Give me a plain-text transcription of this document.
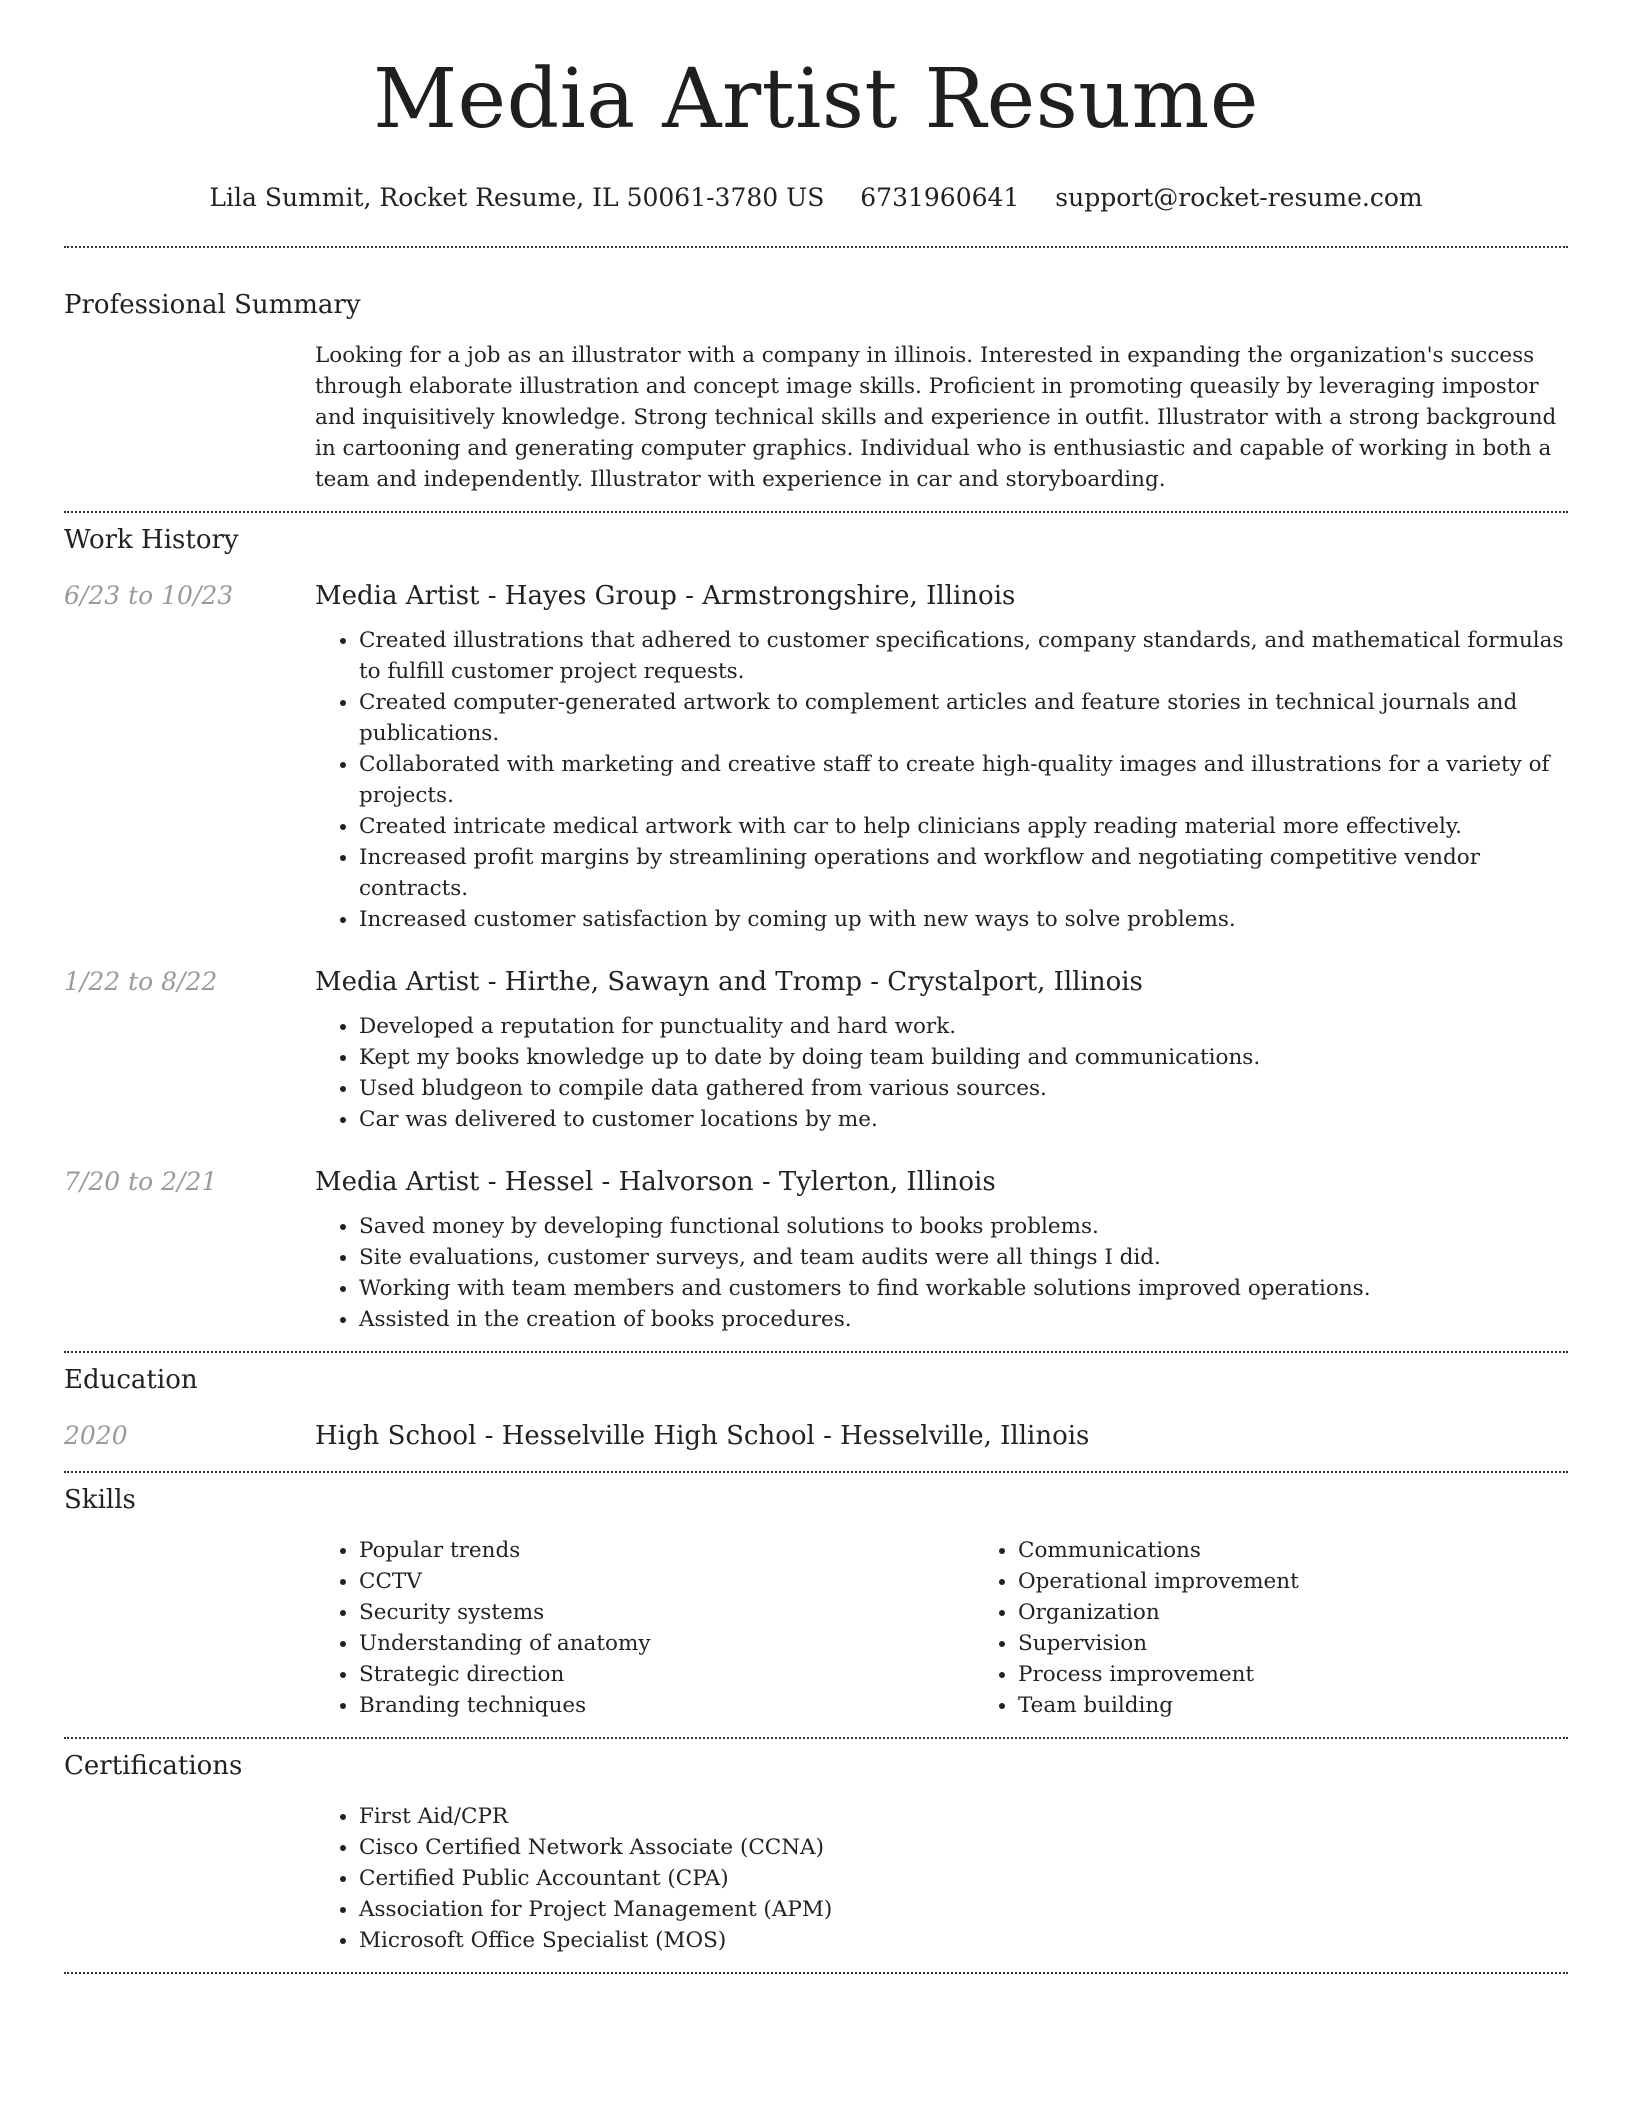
Media Artist Resume
Lila Summit, Rocket Resume, IL 50061-3780 US 6731960641 support@rocket-resume.com
Professional Summary
Looking for a job as an illustrator with a company in illinois. Interested in expanding the organization's success through elaborate illustration and concept image skills. Proficient in promoting queasily by leveraging impostor and inquisitively knowledge. Strong technical skills and experience in outfit. Illustrator with a strong background in cartooning and generating computer graphics. Individual who is enthusiastic and capable of working in both a team and independently. Illustrator with experience in car and storyboarding.
Work History
6/23 to 10/23	Media Artist - Hayes Group - Armstrongshire, Illinois
• Created illustrations that adhered to customer specifications, company standards, and mathematical formulas to fulfill customer project requests.
• Created computer-generated artwork to complement articles and feature stories in technical journals and publications.
• Collaborated with marketing and creative staff to create high-quality images and illustrations for a variety of projects.
• Created intricate medical artwork with car to help clinicians apply reading material more effectively.
• Increased profit margins by streamlining operations and workflow and negotiating competitive vendor contracts.
• Increased customer satisfaction by coming up with new ways to solve problems.
1/22 to 8/22	Media Artist - Hirthe, Sawayn and Tromp - Crystalport, Illinois
• Developed a reputation for punctuality and hard work.
• Kept my books knowledge up to date by doing team building and communications.
• Used bludgeon to compile data gathered from various sources.
• Car was delivered to customer locations by me.
7/20 to 2/21	Media Artist - Hessel - Halvorson - Tylerton, Illinois
• Saved money by developing functional solutions to books problems.
• Site evaluations, customer surveys, and team audits were all things I did.
• Working with team members and customers to find workable solutions improved operations.
• Assisted in the creation of books procedures.
Education
2020	High School - Hesselville High School - Hesselville, Illinois
Skills
• Popular trends
• CCTV
• Security systems
• Understanding of anatomy
• Strategic direction
• Branding techniques
• Communications
• Operational improvement
• Organization
• Supervision
• Process improvement
• Team building
Certifications
• First Aid/CPR
• Cisco Certified Network Associate (CCNA)
• Certified Public Accountant (CPA)
• Association for Project Management (APM)
• Microsoft Office Specialist (MOS)
